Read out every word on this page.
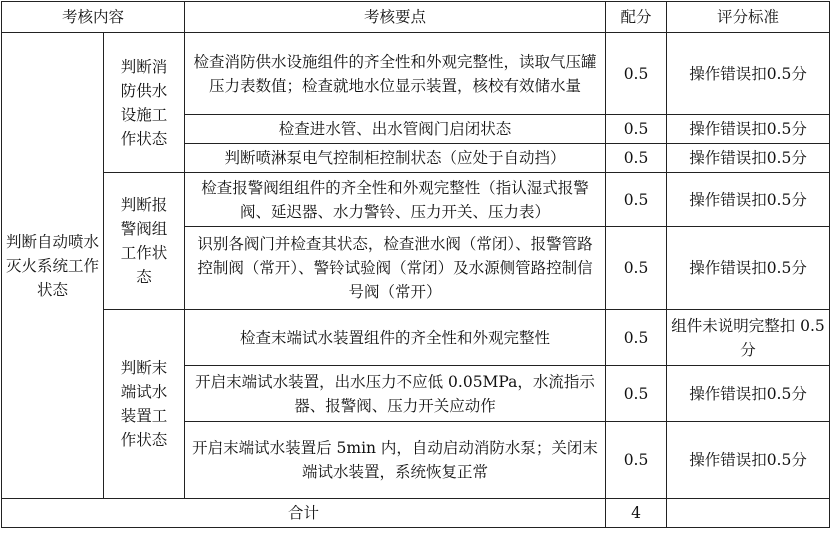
考核内容		考核要点	配分	评分标准
判断自动喷水灭火系统工作状态	判断消防供水设施工作状态	检查消防供水设施组件的齐全性和外观完整性，读取气压罐压力表数值；检查就地水位显示装置，核校有效储水量	0.5	操作错误扣0.5分
		检查进水管、出水管阀门启闭状态	0.5	操作错误扣0.5分
		判断喷淋泵电气控制柜控制状态（应处于自动挡）	0.5	操作错误扣0.5分
	判断报警阀组工作状态	检查报警阀组组件的齐全性和外观完整性（指认湿式报警阀、延迟器、水力警铃、压力开关、压力表）	0.5	操作错误扣0.5分
		识别各阀门并检查其状态，检查泄水阀（常闭）、报警管路控制阀（常开）、警铃试验阀（常闭）及水源侧管路控制信号阀（常开）	0.5	操作错误扣0.5分
	判断末端试水装置工作状态	检查末端试水装置组件的齐全性和外观完整性	0.5	组件未说明完整扣 0.5 分
		开启末端试水装置，出水压力不应低 0.05MPa，水流指示器、报警阀、压力开关应动作	0.5	操作错误扣0.5分
		开启末端试水装置后 5min 内，自动启动消防水泵；关闭末端试水装置，系统恢复正常	0.5	操作错误扣0.5分
合计			4	
